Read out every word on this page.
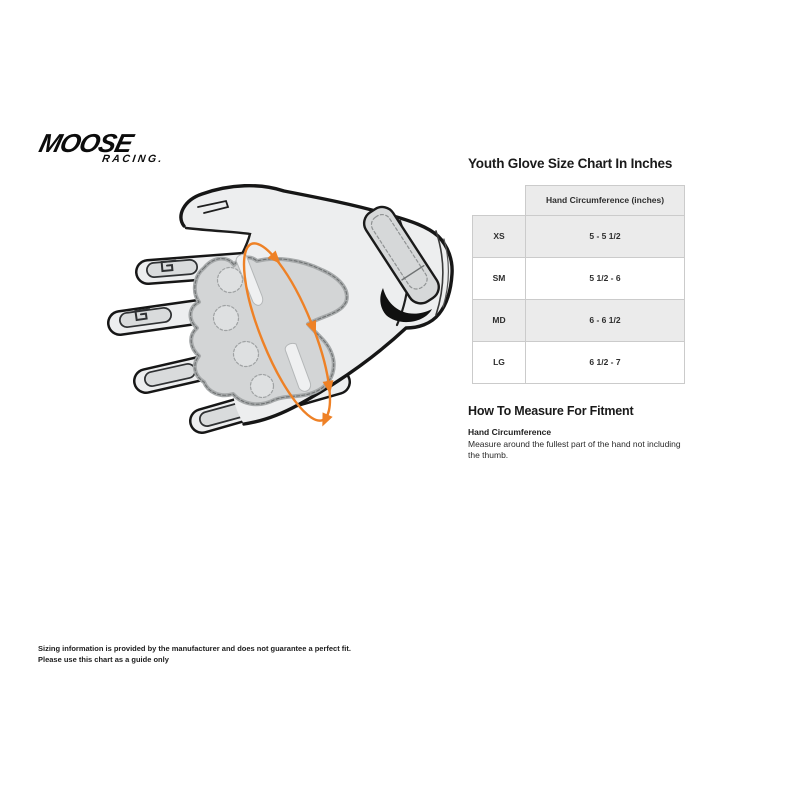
MOOSE
RACING.	Youth Glove Size Chart In Inches
	Hand Circumference (inches)
XS	5 - 5 1/2
SM	5 1/2 - 6
MD	6 - 6 1/2
LG	6 1/2 - 7
How To Measure For Fitment
Hand Circumference
Measure around the fullest part of the hand not including the thumb.
Sizing information is provided by the manufacturer and does not guarantee a perfect fit.
Please use this chart as a guide only
